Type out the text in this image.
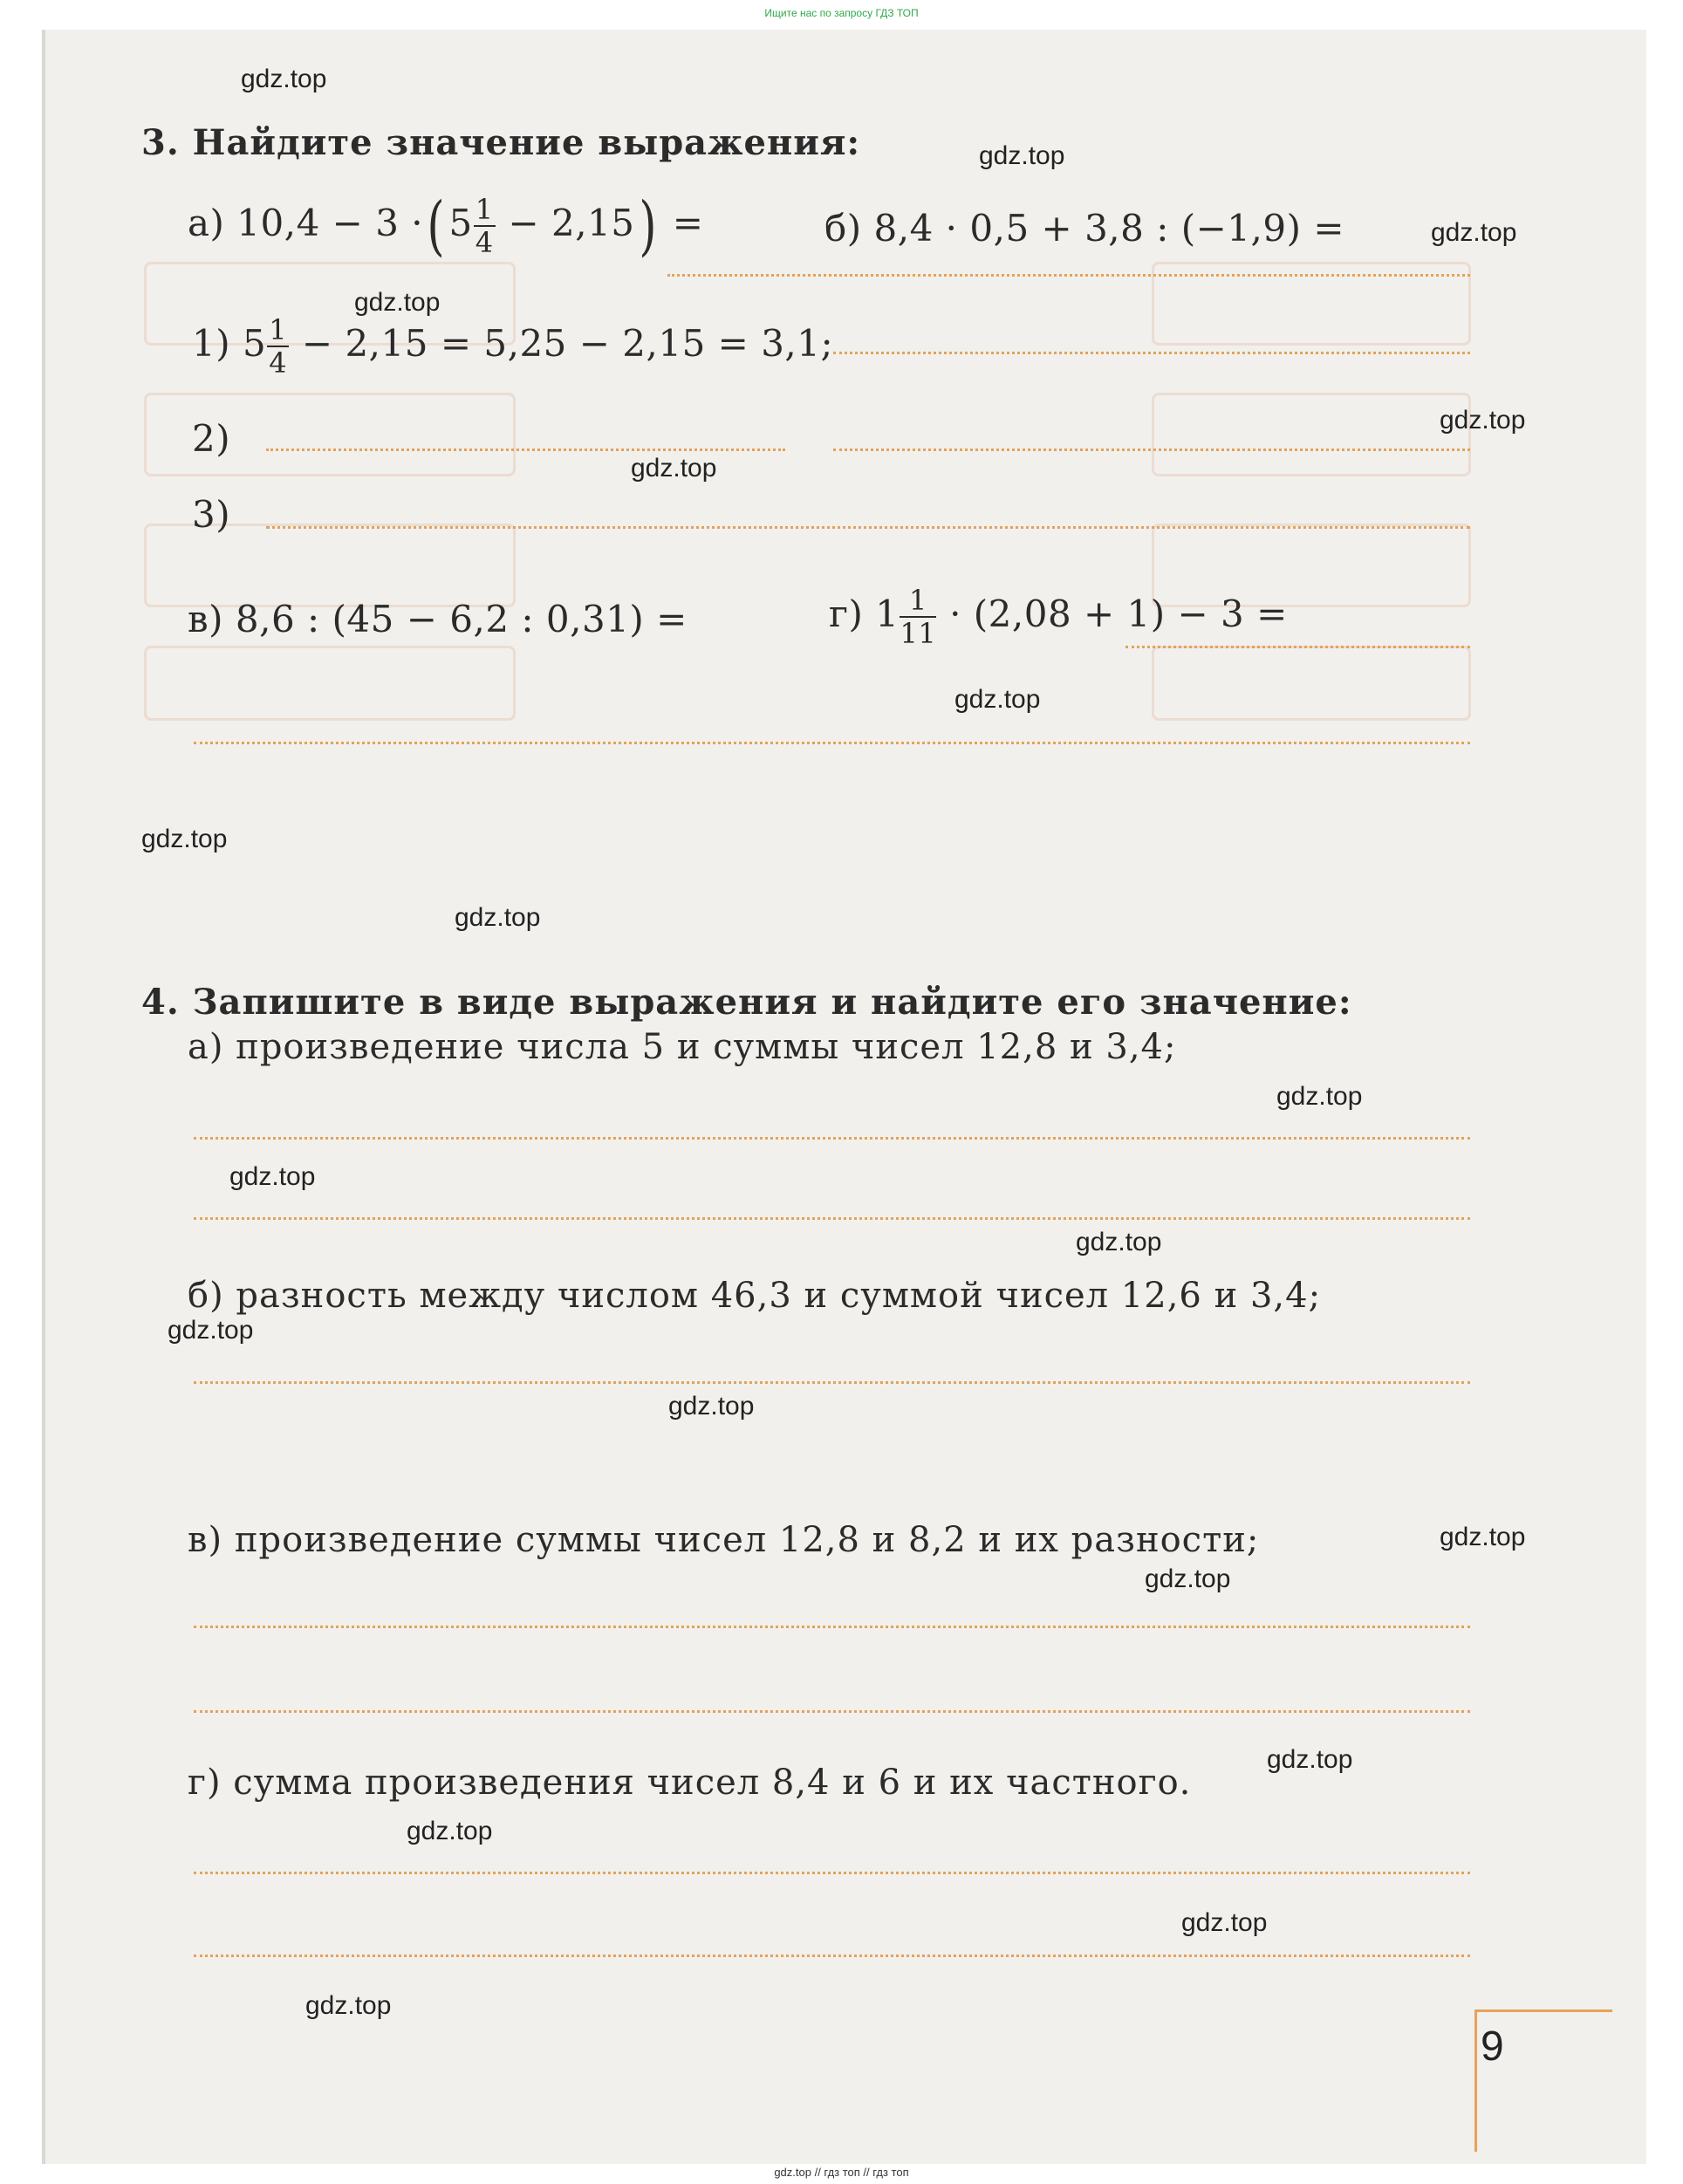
Ищите нас по запросу ГДЗ ТОП
gdz.top
gdz.top
gdz.top
gdz.top
gdz.top
gdz.top
gdz.top
gdz.top
gdz.top
gdz.top
gdz.top
gdz.top
gdz.top
gdz.top
gdz.top
gdz.top
gdz.top
gdz.top
gdz.top
gdz.top
3. Найдите значение выражения:
а) 10,4 − 3 ·( $5 \frac{1}{4} - 2,15$) =	б) 8,4 · 0,5 + 3,8 : (−1,9) =
1) $5 \frac{1}{4} - 2,15 = 5,25 - 2,15 = 3,1$;
2)
3)
в) 8,6 : (45 − 6,2 : 0,31) =	г) $1 \frac{1}{11} \cdot (2,08 + 1) - 3$ =
4. Запишите в виде выражения и найдите его значение:
а) произведение числа 5 и суммы чисел 12,8 и 3,4;
б) разность между числом 46,3 и суммой чисел 12,6 и 3,4;
в) произведение суммы чисел 12,8 и 8,2 и их разности;
г) сумма произведения чисел 8,4 и 6 и их частного.
9
gdz.top // гдз топ // гдз топ
